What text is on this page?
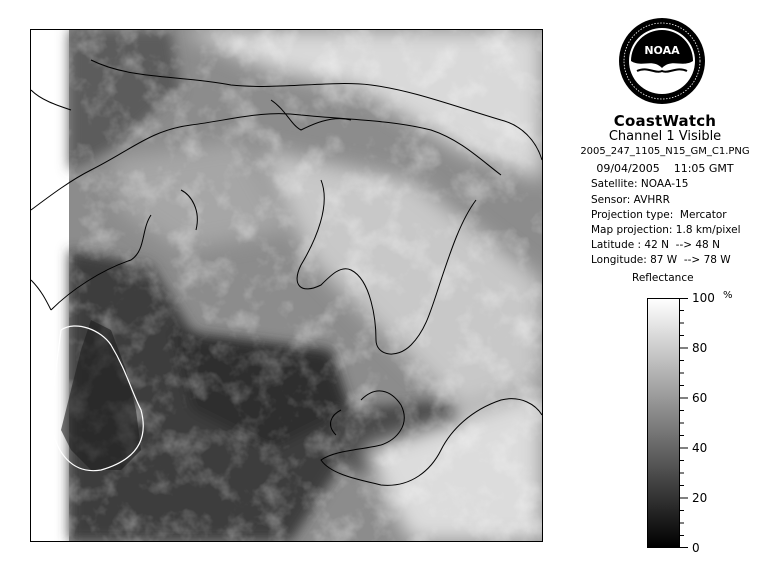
NOAA
CoastWatch
Channel 1 Visible
2005_247_1105_N15_GM_C1.PNG
09/04/2005    11:05 GMT
Satellite: NOAA-15
Sensor: AVHRR
Projection type:  Mercator
Map projection: 1.8 km/pixel
Latitude : 42 N  --> 48 N
Longitude: 87 W  --> 78 W
Reflectance
100
80
60
40
20
0
%
